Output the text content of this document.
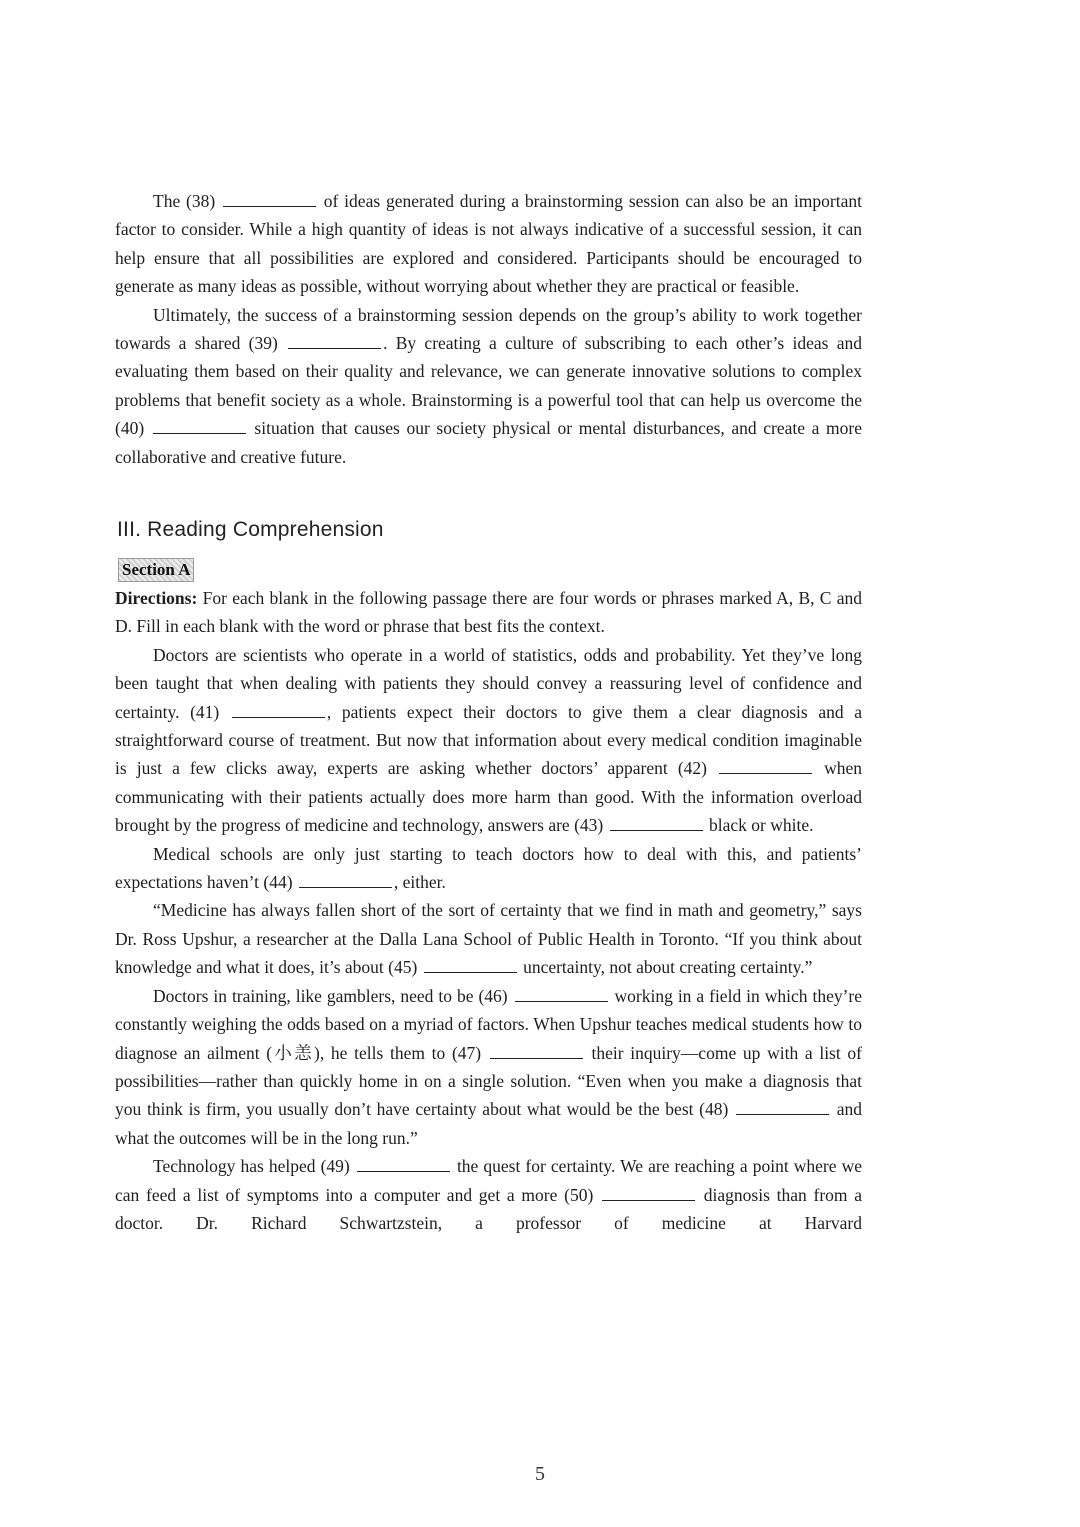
The (38)	of ideas generated during a brainstorming session can also be an important factor to consider. While a high quantity of ideas is not always indicative of a successful session, it can help ensure that all possibilities are explored and considered. Participants should be encouraged to generate as many ideas as possible, without worrying about whether they are practical or feasible.

Ultimately, the success of a brainstorming session depends on the group’s ability to work together towards a shared (39)	. By creating a culture of subscribing to each other’s ideas and evaluating them based on their quality and relevance, we can generate innovative solutions to complex problems that benefit society as a whole. Brainstorming is a powerful tool that can help us overcome the (40)	situation that causes our society physical or mental disturbances, and create a more collaborative and creative future.

III. Reading Comprehension
Section A

Directions: For each blank in the following passage there are four words or phrases marked A, B, C and D. Fill in each blank with the word or phrase that best fits the context.

Doctors are scientists who operate in a world of statistics, odds and probability. Yet they’ve long been taught that when dealing with patients they should convey a reassuring level of confidence and certainty. (41)	, patients expect their doctors to give them a clear diagnosis and a straightforward course of treatment. But now that information about every medical condition imaginable is just a few clicks away, experts are asking whether doctors’ apparent (42)	when communicating with their patients actually does more harm than good. With the information overload brought by the progress of medicine and technology, answers are (43)	black or white.

Medical schools are only just starting to teach doctors how to deal with this, and patients’ expectations haven’t (44)	, either.

“Medicine has always fallen short of the sort of certainty that we find in math and geometry,” says Dr. Ross Upshur, a researcher at the Dalla Lana School of Public Health in Toronto. “If you think about knowledge and what it does, it’s about (45)	uncertainty, not about creating certainty.”

Doctors in training, like gamblers, need to be (46)	working in a field in which they’re constantly weighing the odds based on a myriad of factors. When Upshur teaches medical students how to diagnose an ailment (小恙), he tells them to (47)	their inquiry—come up with a list of possibilities—rather than quickly home in on a single solution. “Even when you make a diagnosis that you think is firm, you usually don’t have certainty about what would be the best (48)	and what the outcomes will be in the long run.”

Technology has helped (49)	the quest for certainty. We are reaching a point where we can feed a list of symptoms into a computer and get a more (50)	diagnosis than from a doctor. Dr. Richard Schwartzstein, a professor of medicine at Harvard

5
